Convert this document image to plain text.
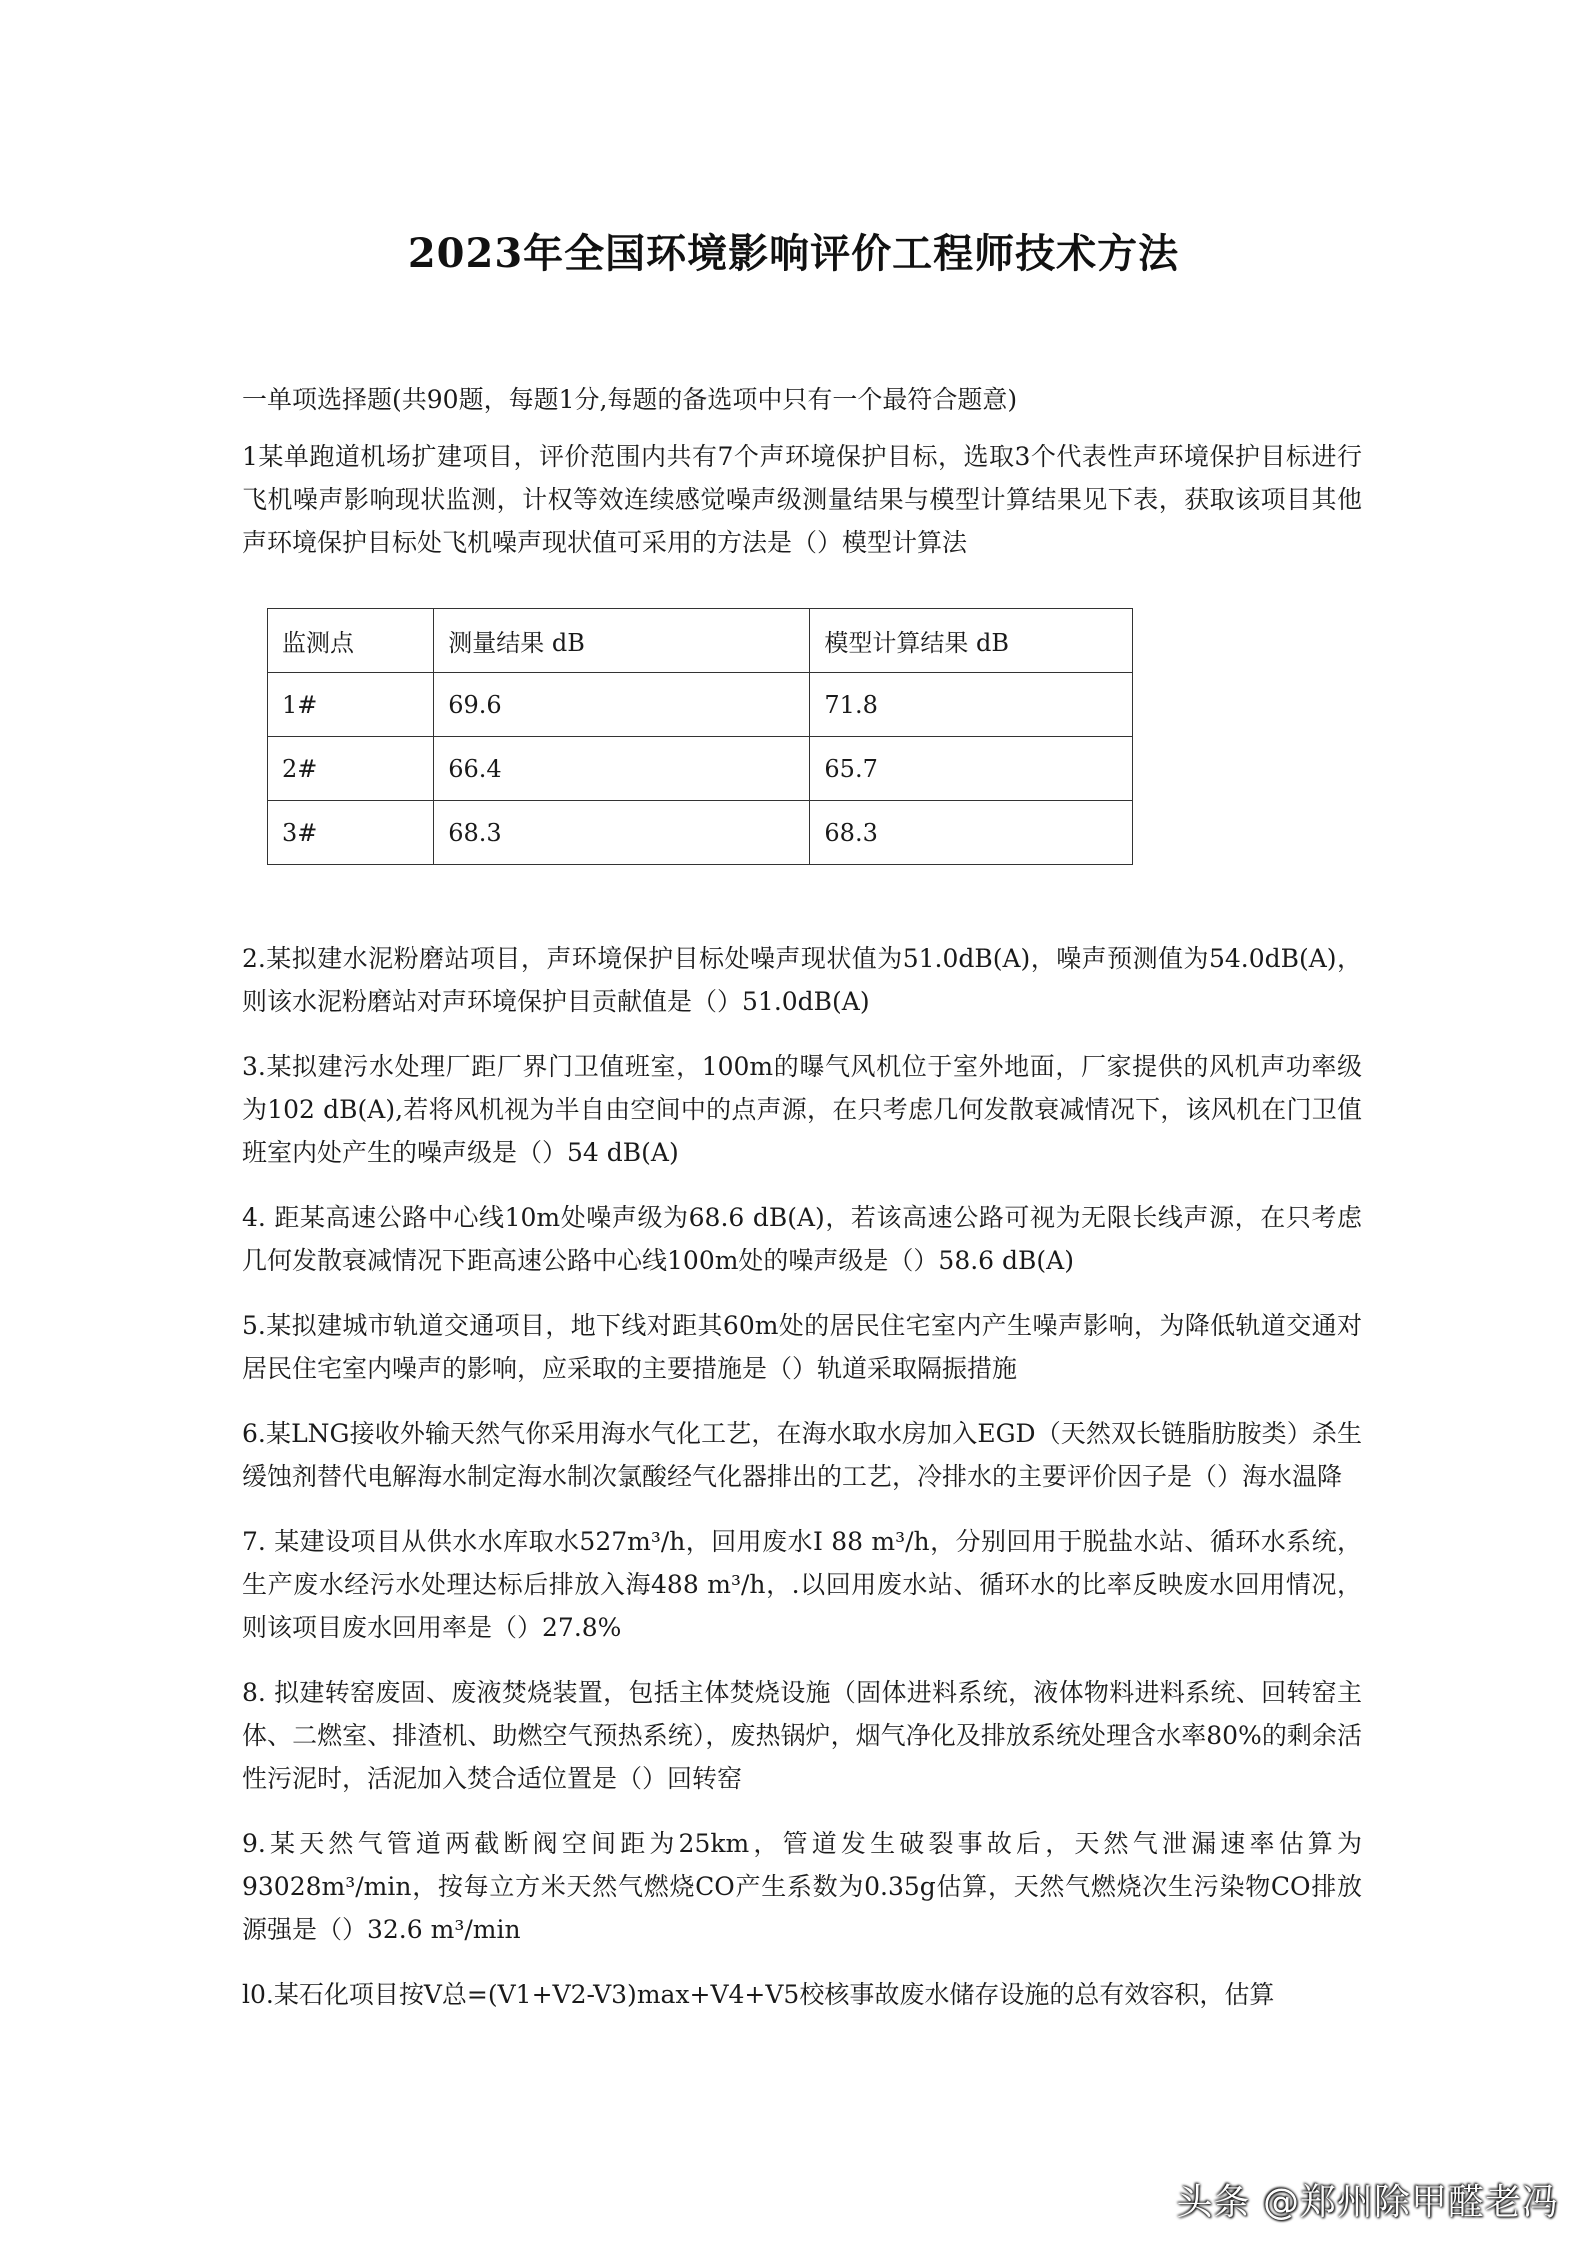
2023年全国环境影响评价工程师技术方法

一单项选择题(共90题，每题1分,每题的备选项中只有一个最符合题意)

1某单跑道机场扩建项目，评价范围内共有7个声环境保护目标，选取3个代表性声环境保护目标进行飞机噪声影响现状监测，计权等效连续感觉噪声级测量结果与模型计算结果见下表，获取该项目其他声环境保护目标处飞机噪声现状值可采用的方法是（）模型计算法

监测点	测量结果 dB	模型计算结果 dB
1#	69.6	71.8
2#	66.4	65.7
3#	68.3	68.3

2.某拟建水泥粉磨站项目，声环境保护目标处噪声现状值为51.0dB(A)，噪声预测值为54.0dB(A)，则该水泥粉磨站对声环境保护目贡献值是（）51.0dB(A)

3.某拟建污水处理厂距厂界门卫值班室，100m的曝气风机位于室外地面，厂家提供的风机声功率级为102 dB(A),若将风机视为半自由空间中的点声源，在只考虑几何发散衰减情况下，该风机在门卫值班室内处产生的噪声级是（）54 dB(A)

4. 距某高速公路中心线10m处噪声级为68.6 dB(A)，若该高速公路可视为无限长线声源，在只考虑几何发散衰减情况下距高速公路中心线100m处的噪声级是（）58.6 dB(A)

5.某拟建城市轨道交通项目，地下线对距其60m处的居民住宅室内产生噪声影响，为降低轨道交通对居民住宅室内噪声的影响，应采取的主要措施是（）轨道采取隔振措施

6.某LNG接收外输天然气你采用海水气化工艺，在海水取水房加入EGD（天然双长链脂肪胺类）杀生缓蚀剂替代电解海水制定海水制次氯酸经气化器排出的工艺，冷排水的主要评价因子是（）海水温降

7. 某建设项目从供水水库取水527m³/h，回用废水I 88 m³/h，分别回用于脱盐水站、循环水系统，生产废水经污水处理达标后排放入海488 m³/h，.以回用废水站、循环水的比率反映废水回用情况，则该项目废水回用率是（）27.8%

8. 拟建转窑废固、废液焚烧装置，包括主体焚烧设施（固体进料系统，液体物料进料系统、回转窑主体、二燃室、排渣机、助燃空气预热系统），废热锅炉，烟气净化及排放系统处理含水率80%的剩余活性污泥时，活泥加入焚合适位置是（）回转窑

9.某天然气管道两截断阀空间距为25km，管道发生破裂事故后，天然气泄漏速率估算为93028m³/min，按每立方米天然气燃烧CO产生系数为0.35g估算，天然气燃烧次生污染物CO排放源强是（）32.6 m³/min

l0.某石化项目按V总=(V1+V2-V3)max+V4+V5校核事故废水储存设施的总有效容积，估算

头条 @郑州除甲醛老冯
